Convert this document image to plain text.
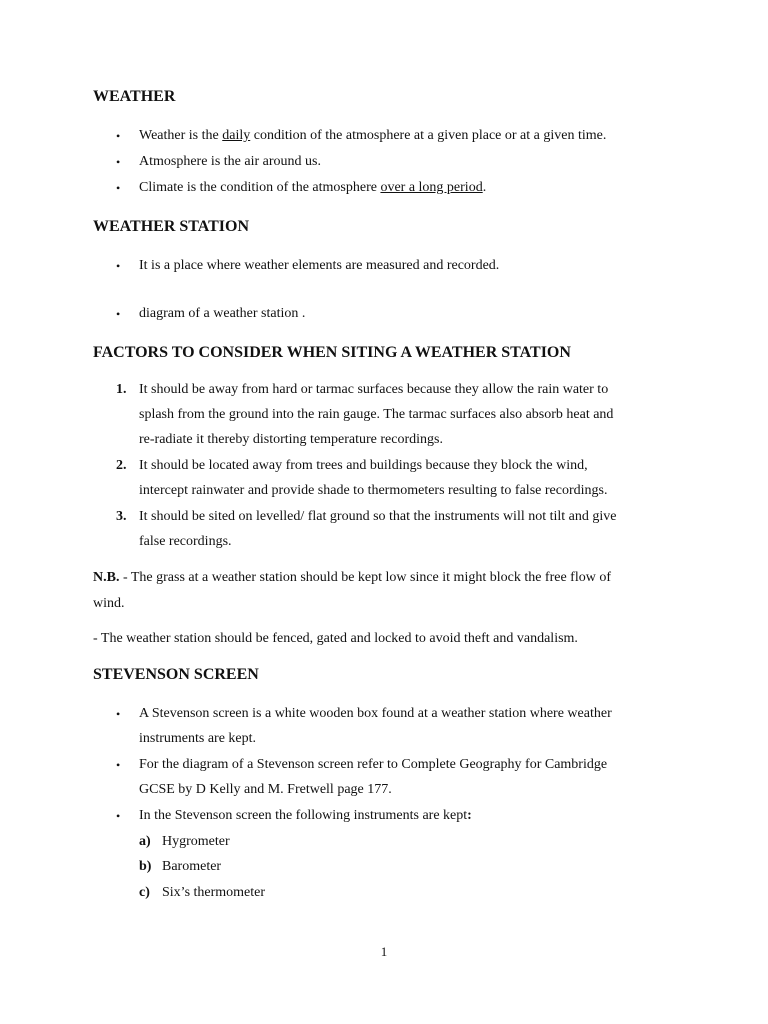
WEATHER
• Weather is the daily condition of the atmosphere at a given place or at a given time.
• Atmosphere is the air around us.
• Climate is the condition of the atmosphere over a long period.
WEATHER STATION
• It is a place where weather elements are measured and recorded.
• diagram of a weather station .
FACTORS TO CONSIDER WHEN SITING A WEATHER STATION
1. It should be away from hard or tarmac surfaces because they allow the rain water to
splash from the ground into the rain gauge. The tarmac surfaces also absorb heat and
re-radiate it thereby distorting temperature recordings.
2. It should be located away from trees and buildings because they block the wind,
intercept rainwater and provide shade to thermometers resulting to false recordings.
3. It should be sited on levelled/ flat ground so that the instruments will not tilt and give
false recordings.
N.B. - The grass at a weather station should be kept low since it might block the free flow of
wind.
- The weather station should be fenced, gated and locked to avoid theft and vandalism.
STEVENSON SCREEN
• A Stevenson screen is a white wooden box found at a weather station where weather
instruments are kept.
• For the diagram of a Stevenson screen refer to Complete Geography for Cambridge
GCSE by D Kelly and M. Fretwell page 177.
• In the Stevenson screen the following instruments are kept:
a) Hygrometer
b) Barometer
c) Six’s thermometer
1
